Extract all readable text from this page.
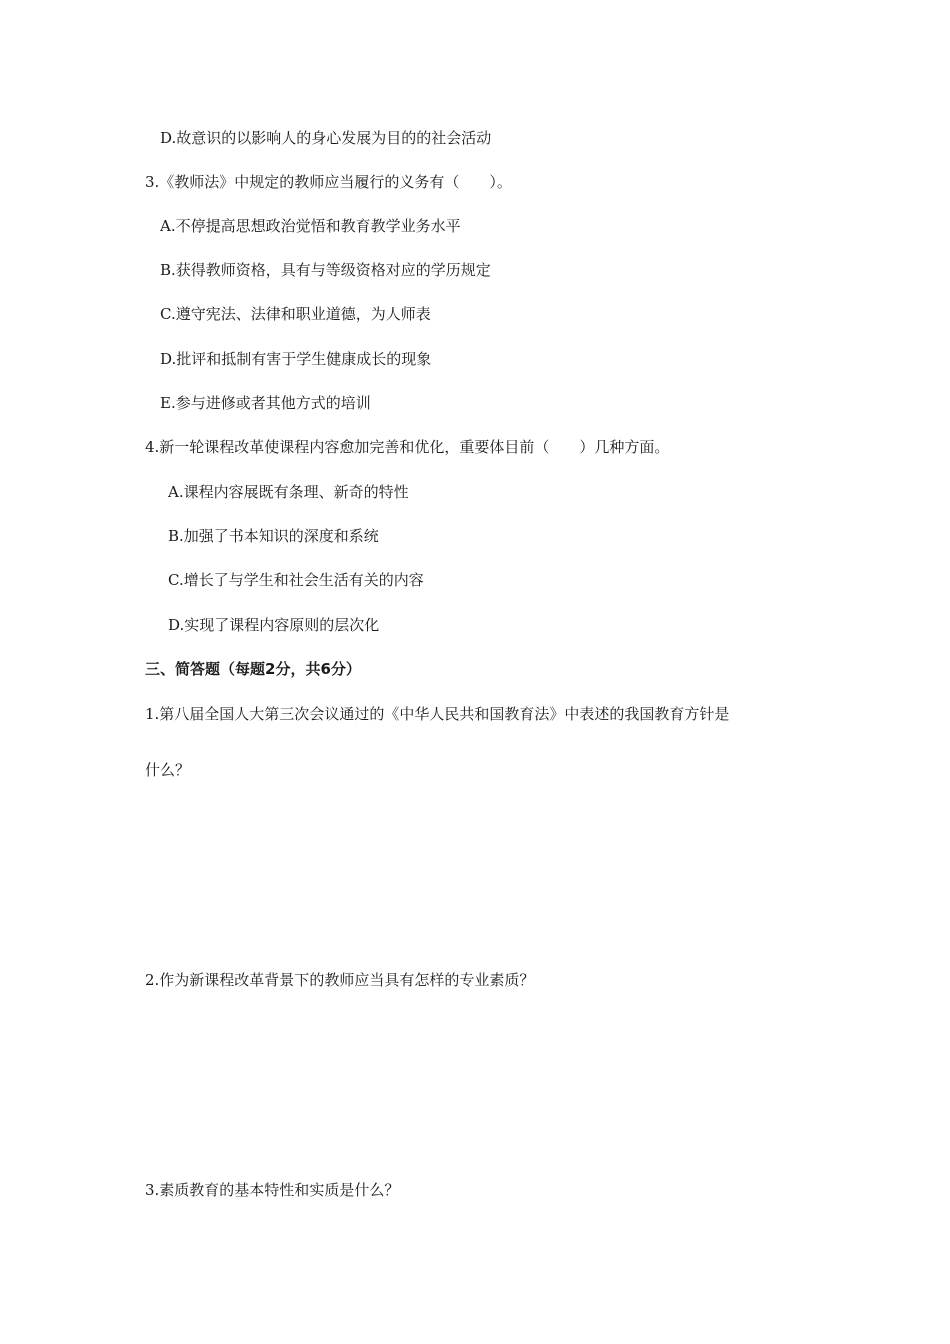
D.故意识的以影响人的身心发展为目的的社会活动
3.《教师法》中规定的教师应当履行的义务有（　　）。
A.不停提高思想政治觉悟和教育教学业务水平
B.获得教师资格，具有与等级资格对应的学历规定
C.遵守宪法、法律和职业道德，为人师表
D.批评和抵制有害于学生健康成长的现象
E.参与进修或者其他方式的培训
4.新一轮课程改革使课程内容愈加完善和优化，重要体目前（　　）几种方面。
A.课程内容展既有条理、新奇的特性
B.加强了书本知识的深度和系统
C.增长了与学生和社会生活有关的内容
D.实现了课程内容原则的层次化
三、简答题（每题2分，共6分）
1.第八届全国人大第三次会议通过的《中华人民共和国教育法》中表述的我国教育方针是
什么？
2.作为新课程改革背景下的教师应当具有怎样的专业素质？
3.素质教育的基本特性和实质是什么？
